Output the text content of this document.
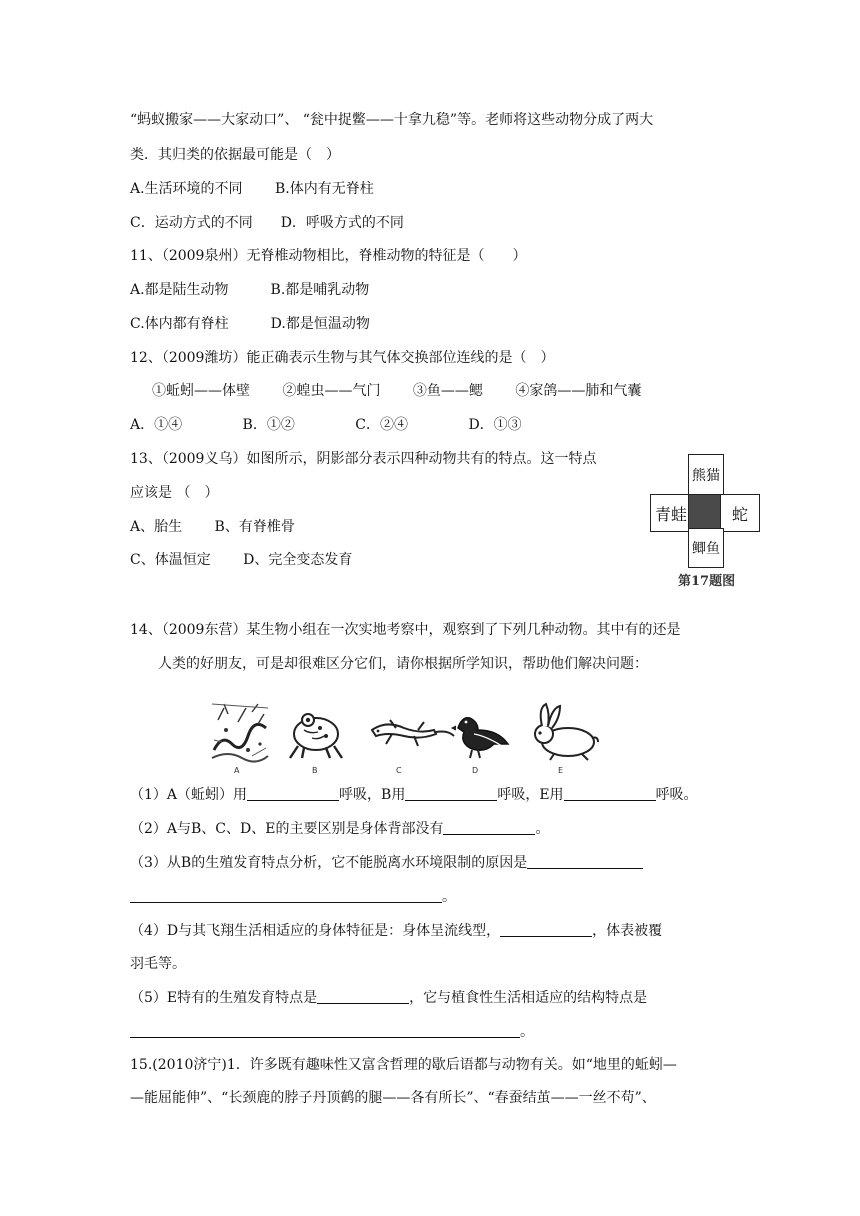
“蚂蚁搬家——大家动口”、 “瓮中捉鳖——十拿九稳”等。老师将这些动物分成了两大
类．其归类的依据最可能是（　）
A.生活环境的不同　　 B.体内有无脊柱
C．运动方式的不同　　D．呼吸方式的不同
11、（2009泉州）无脊椎动物相比，脊椎动物的特征是（　　）
A.都是陆生动物　　　B.都是哺乳动物
C.体内都有脊柱　　　D.都是恒温动物
12、（2009潍坊）能正确表示生物与其气体交换部位连线的是（　）
①蚯蚓——体壁　　 ②蝗虫——气门　　 ③鱼——鳃　　 ④家鸽——肺和气囊
A．①④　　　　 B．①②　　　　 C．②④　　　　 D．①③
13、（2009义乌）如图所示，阴影部分表示四种动物共有的特点。这一特点
应该是 （　）
A、胎生　　 B、有脊椎骨
C、体温恒定　　 D、完全变态发育
熊猫
青蛙	蛇
鲫鱼
第17题图
14、（2009东营）某生物小组在一次实地考察中，观察到了下列几种动物。其中有的还是
人类的好朋友，可是却很难区分它们，请你根据所学知识，帮助他们解决问题：
A	B	C	D	E
（1）A（蚯蚓）用	呼吸，B用	呼吸，E用	呼吸。
（2）A与B、C、D、E的主要区别是身体背部没有	。
（3）从B的生殖发育特点分析，它不能脱离水环境限制的原因是
。
（4）D与其飞翔生活相适应的身体特征是：身体呈流线型，	，体表被覆
羽毛等。
（5）E特有的生殖发育特点是	，它与植食性生活相适应的结构特点是
。
15.(2010济宁)1．许多既有趣味性又富含哲理的歇后语都与动物有关。如“地里的蚯蚓—
—能屈能伸”、“长颈鹿的脖子丹顶鹤的腿——各有所长”、“春蚕结茧——一丝不苟”、
